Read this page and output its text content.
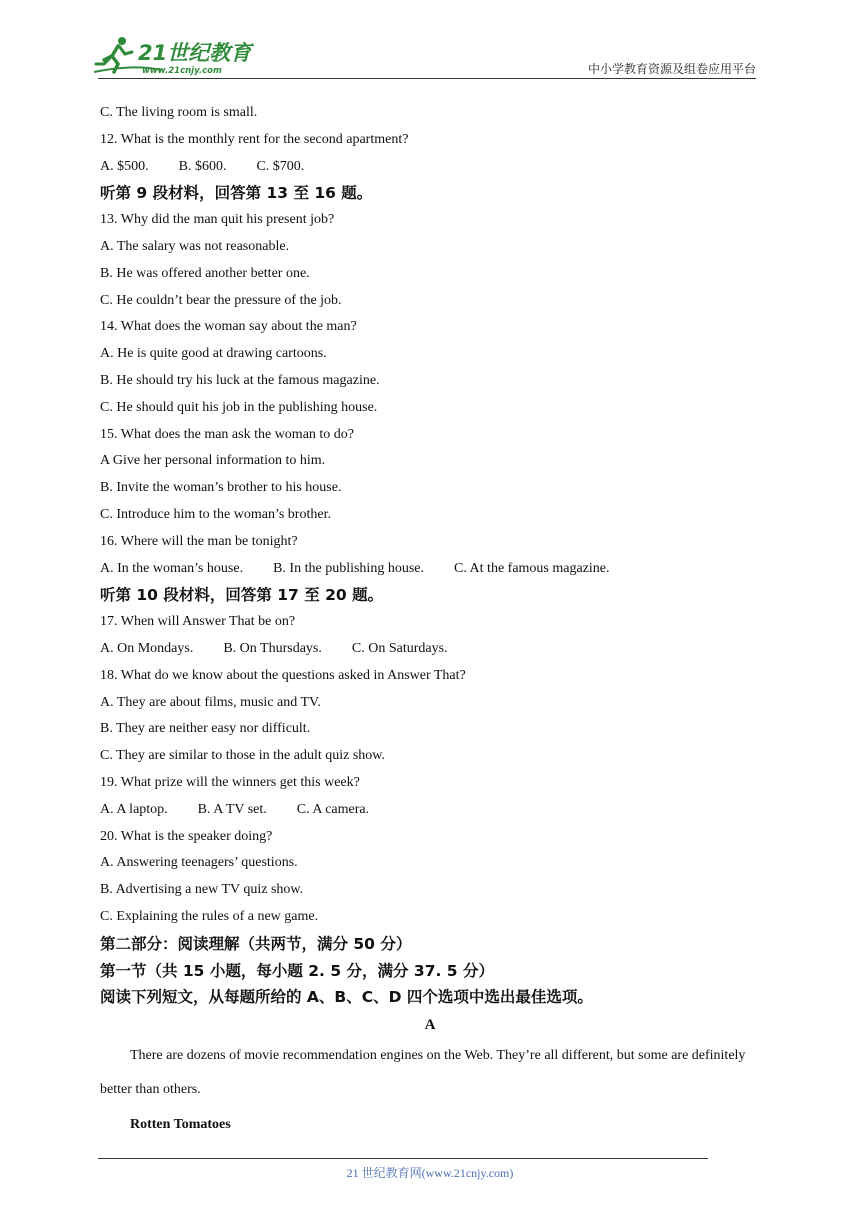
21世纪教育
www.21cnjy.com	中小学教育资源及组卷应用平台
C. The living room is small.
12. What is the monthly rent for the second apartment?
A. $500. B. $600. C. $700.
听第 9 段材料，回答第 13 至 16 题。
13. Why did the man quit his present job?
A. The salary was not reasonable.
B. He was offered another better one.
C. He couldn’t bear the pressure of the job.
14. What does the woman say about the man?
A. He is quite good at drawing cartoons.
B. He should try his luck at the famous magazine.
C. He should quit his job in the publishing house.
15. What does the man ask the woman to do?
A Give her personal information to him.
B. Invite the woman’s brother to his house.
C. Introduce him to the woman’s brother.
16. Where will the man be tonight?
A. In the woman’s house. B. In the publishing house. C. At the famous magazine.
听第 10 段材料，回答第 17 至 20 题。
17. When will Answer That be on?
A. On Mondays. B. On Thursdays. C. On Saturdays.
18. What do we know about the questions asked in Answer That?
A. They are about films, music and TV.
B. They are neither easy nor difficult.
C. They are similar to those in the adult quiz show.
19. What prize will the winners get this week?
A. A laptop. B. A TV set. C. A camera.
20. What is the speaker doing?
A. Answering teenagers’ questions.
B. Advertising a new TV quiz show.
C. Explaining the rules of a new game.
第二部分：阅读理解（共两节，满分 50 分）
第一节（共 15 小题，每小题 2. 5 分，满分 37. 5 分）
阅读下列短文，从每题所给的 A、B、C、D 四个选项中选出最佳选项。
A

There are dozens of movie recommendation engines on the Web. They’re all different, but some are definitely better than others.

Rotten Tomatoes
21 世纪教育网(www.21cnjy.com)
